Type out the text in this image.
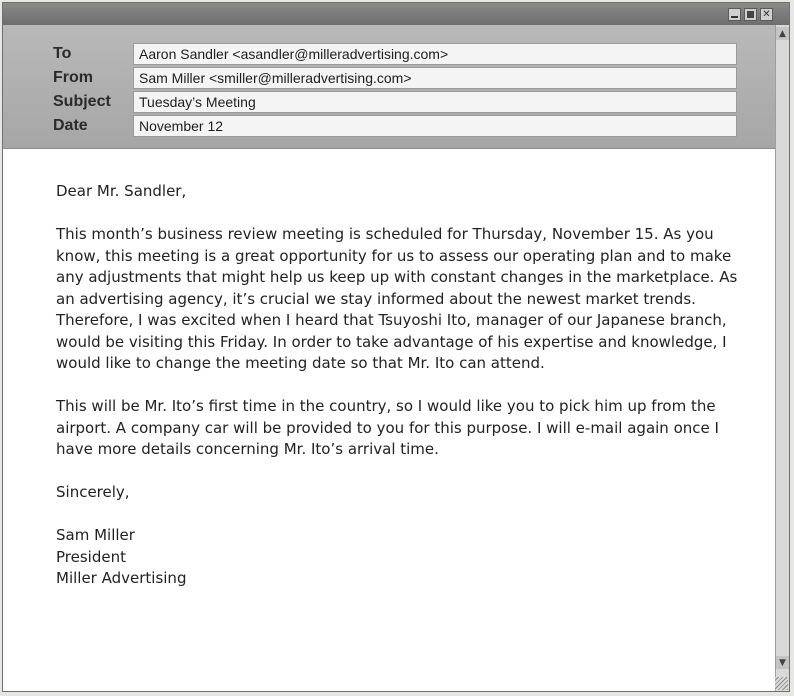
✕
To	Aaron Sandler <asandler@milleradvertising.com>
From	Sam Miller <smiller@milleradvertising.com>
Subject	Tuesday’s Meeting
Date	November 12
Dear Mr. Sandler,
This month’s business review meeting is scheduled for Thursday, November 15. As you know, this meeting is a great opportunity for us to assess our operating plan and to make any adjustments that might help us keep up with constant changes in the marketplace. As an advertising agency, it’s crucial we stay informed about the newest market trends. Therefore, I was excited when I heard that Tsuyoshi Ito, manager of our Japanese branch, would be visiting this Friday. In order to take advantage of his expertise and knowledge, I would like to change the meeting date so that Mr. Ito can attend.
This will be Mr. Ito’s first time in the country, so I would like you to pick him up from the airport. A company car will be provided to you for this purpose. I will e-mail again once I have more details concerning Mr. Ito’s arrival time.
Sincerely,
Sam Miller
President
Miller Advertising
▲
▼
